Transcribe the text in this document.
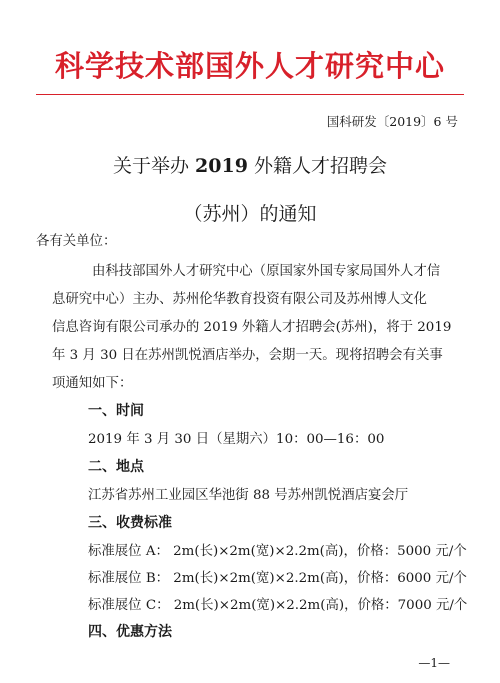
科学技术部国外人才研究中心
国科研发〔2019〕6 号
关于举办 2019 外籍人才招聘会
（苏州）的通知
各有关单位：
由科技部国外人才研究中心（原国家外国专家局国外人才信
息研究中心）主办、苏州伦华教育投资有限公司及苏州博人文化
信息咨询有限公司承办的 2019 外籍人才招聘会(苏州)，将于 2019
年 3 月 30 日在苏州凯悦酒店举办，会期一天。现将招聘会有关事
项通知如下：
一、时间
2019 年 3 月 30 日（星期六）10：00—16：00
二、地点
江苏省苏州工业园区华池街 88 号苏州凯悦酒店宴会厅
三、收费标准
标准展位 A： 2m(长)×2m(宽)×2.2m(高)，价格：5000 元/个
标准展位 B： 2m(长)×2m(宽)×2.2m(高)，价格：6000 元/个
标准展位 C： 2m(长)×2m(宽)×2.2m(高)，价格：7000 元/个
四、优惠方法
—1—
